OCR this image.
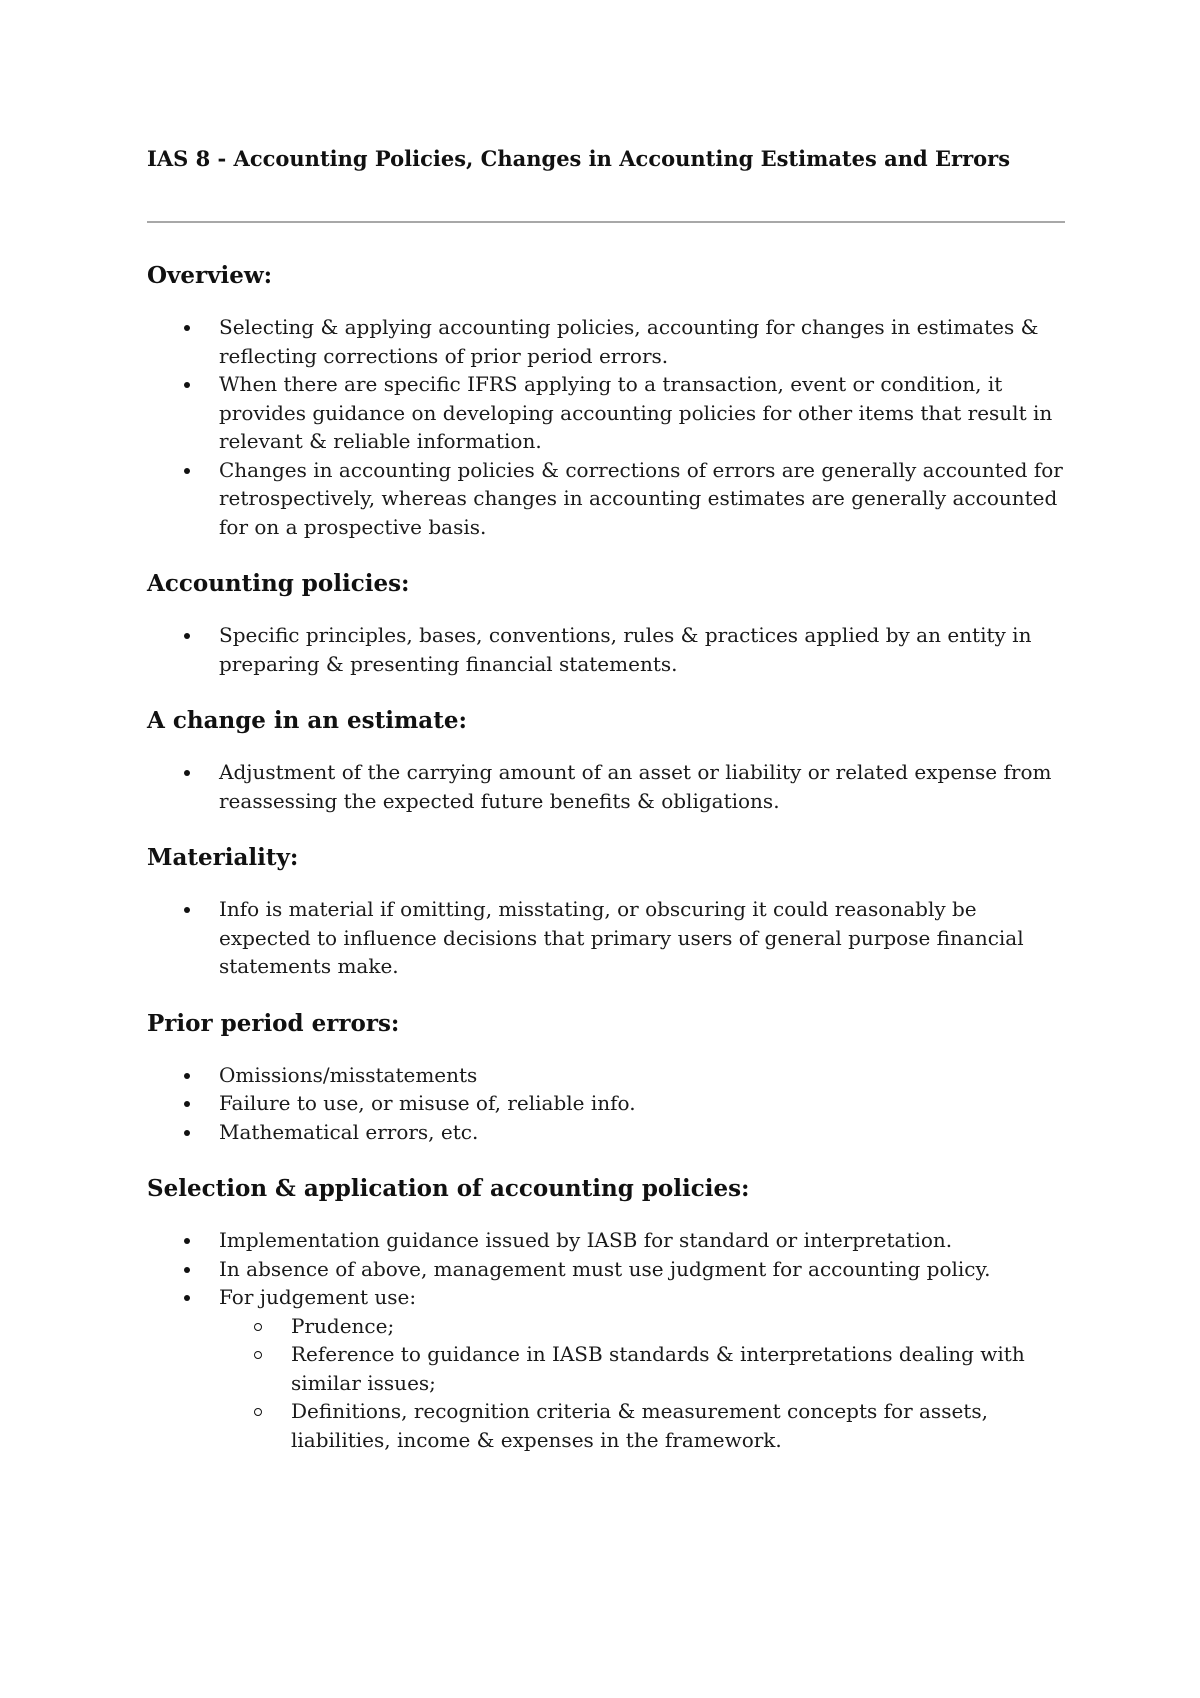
IAS 8 - Accounting Policies, Changes in Accounting Estimates and Errors
Overview:
Selecting & applying accounting policies, accounting for changes in estimates & reflecting corrections of prior period errors.
When there are specific IFRS applying to a transaction, event or condition, it provides guidance on developing accounting policies for other items that result in relevant & reliable information.
Changes in accounting policies & corrections of errors are generally accounted for retrospectively, whereas changes in accounting estimates are generally accounted for on a prospective basis.
Accounting policies:
Specific principles, bases, conventions, rules & practices applied by an entity in preparing & presenting financial statements.
A change in an estimate:
Adjustment of the carrying amount of an asset or liability or related expense from reassessing the expected future benefits & obligations.
Materiality:
Info is material if omitting, misstating, or obscuring it could reasonably be expected to influence decisions that primary users of general purpose financial statements make.
Prior period errors:
Omissions/misstatements
Failure to use, or misuse of, reliable info.
Mathematical errors, etc.
Selection & application of accounting policies:
Implementation guidance issued by IASB for standard or interpretation.
In absence of above, management must use judgment for accounting policy.
For judgement use:
Prudence;
Reference to guidance in IASB standards & interpretations dealing with similar issues;
Definitions, recognition criteria & measurement concepts for assets, liabilities, income & expenses in the framework.
